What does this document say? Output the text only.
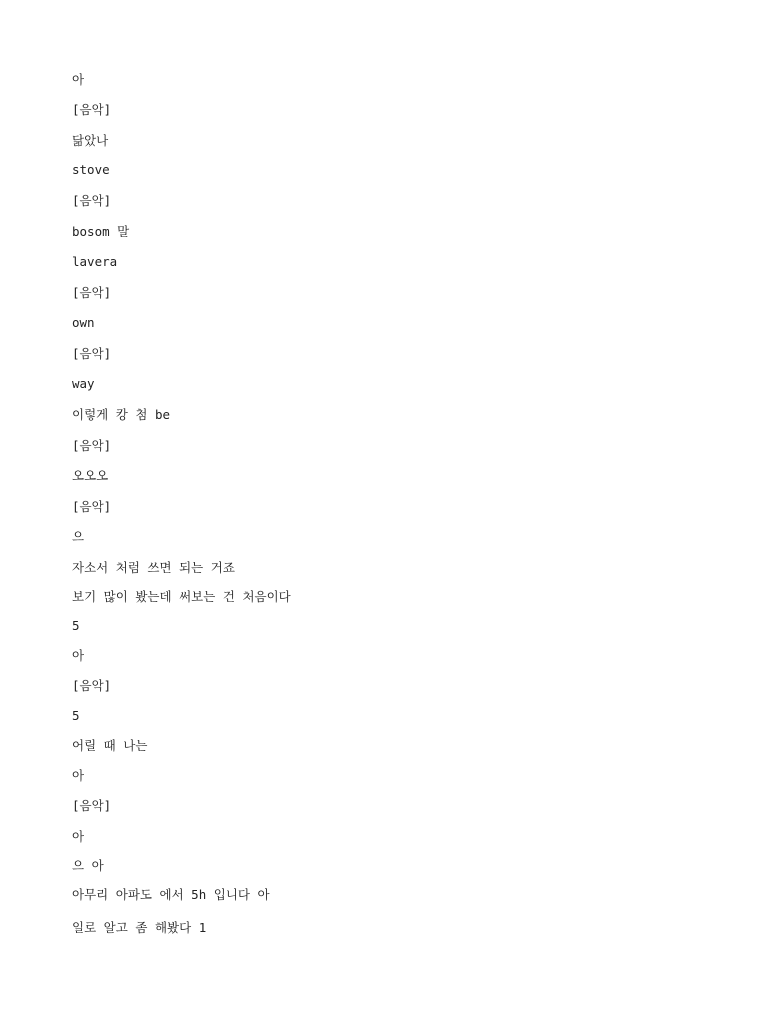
아

[음악]

닮았나

stove

[음악]

bosom 말

lavera

[음악]

own

[음악]

way

이렇게 캉 첨 be

[음악]

오오오

[음악]

으

자소서 처럼 쓰면 되는 거죠

보기 많이 봤는데 써보는 건 처음이다

5

아

[음악]

5

어릴 때 나는

아

[음악]

아

으 아

아무리 아파도 에서 5h 입니다 아

일로 알고 좀 해봤다 1
